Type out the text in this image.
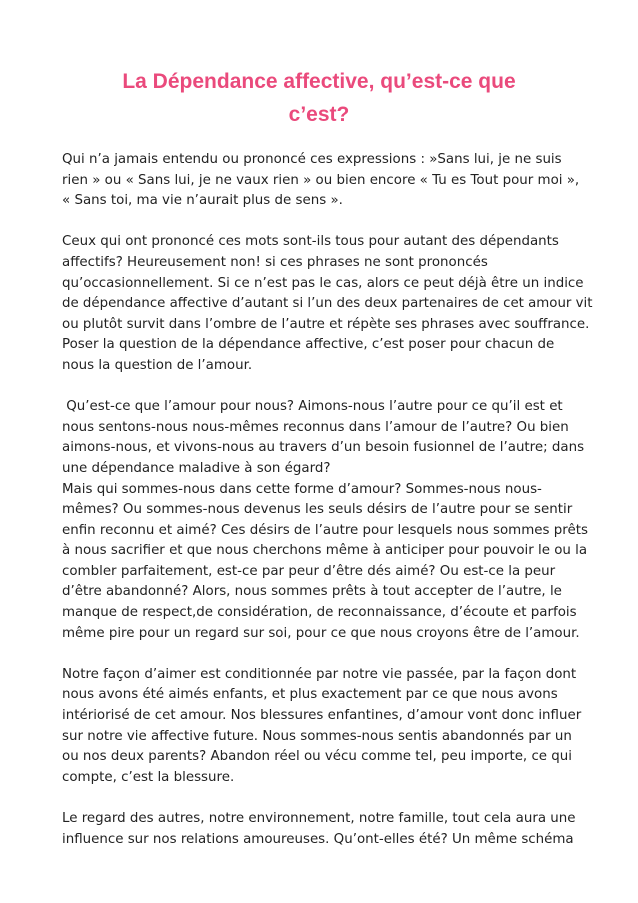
La Dépendance affective, qu’est-ce que
c’est?
Qui n’a jamais entendu ou prononcé ces expressions : »Sans lui, je ne suis
rien » ou « Sans lui, je ne vaux rien » ou bien encore « Tu es Tout pour moi »,
« Sans toi, ma vie n’aurait plus de sens ».
Ceux qui ont prononcé ces mots sont-ils tous pour autant des dépendants
affectifs? Heureusement non! si ces phrases ne sont prononcés
qu’occasionnellement. Si ce n’est pas le cas, alors ce peut déjà être un indice
de dépendance affective d’autant si l’un des deux partenaires de cet amour vit
ou plutôt survit dans l’ombre de l’autre et répète ses phrases avec souffrance.
Poser la question de la dépendance affective, c’est poser pour chacun de
nous la question de l’amour.
Qu’est-ce que l’amour pour nous? Aimons-nous l’autre pour ce qu’il est et
nous sentons-nous nous-mêmes reconnus dans l’amour de l’autre? Ou bien
aimons-nous, et vivons-nous au travers d’un besoin fusionnel de l’autre; dans
une dépendance maladive à son égard?
Mais qui sommes-nous dans cette forme d’amour? Sommes-nous nous-
mêmes? Ou sommes-nous devenus les seuls désirs de l’autre pour se sentir
enfin reconnu et aimé? Ces désirs de l’autre pour lesquels nous sommes prêts
à nous sacrifier et que nous cherchons même à anticiper pour pouvoir le ou la
combler parfaitement, est-ce par peur d’être dés aimé? Ou est-ce la peur
d’être abandonné? Alors, nous sommes prêts à tout accepter de l’autre, le
manque de respect,de considération, de reconnaissance, d’écoute et parfois
même pire pour un regard sur soi, pour ce que nous croyons être de l’amour.
Notre façon d’aimer est conditionnée par notre vie passée, par la façon dont
nous avons été aimés enfants, et plus exactement par ce que nous avons
intériorisé de cet amour. Nos blessures enfantines, d’amour vont donc influer
sur notre vie affective future. Nous sommes-nous sentis abandonnés par un
ou nos deux parents? Abandon réel ou vécu comme tel, peu importe, ce qui
compte, c’est la blessure.
Le regard des autres, notre environnement, notre famille, tout cela aura une
influence sur nos relations amoureuses. Qu’ont-elles été? Un même schéma
